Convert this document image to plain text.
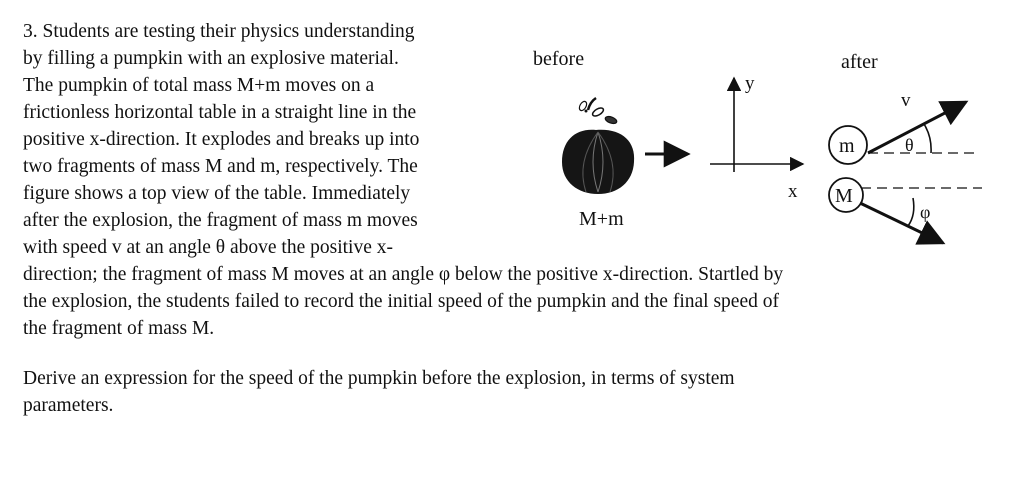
3. Students are testing their physics understanding
by filling a pumpkin with an explosive material.
The pumpkin of total mass M+m moves on a
frictionless horizontal table in a straight line in the
positive x-direction. It explodes and breaks up into
two fragments of mass M and m, respectively. The
figure shows a top view of the table. Immediately
after the explosion, the fragment of mass m moves
with speed v at an angle θ above the positive x-
direction; the fragment of mass M moves at an angle φ below the positive x-direction. Startled by
the explosion, the students failed to record the initial speed of the pumpkin and the final speed of
the fragment of mass M.
Derive an expression for the speed of the pumpkin before the explosion, in terms of system
parameters.
before	after
M+m
y
x
m	θ
v
M
φ
